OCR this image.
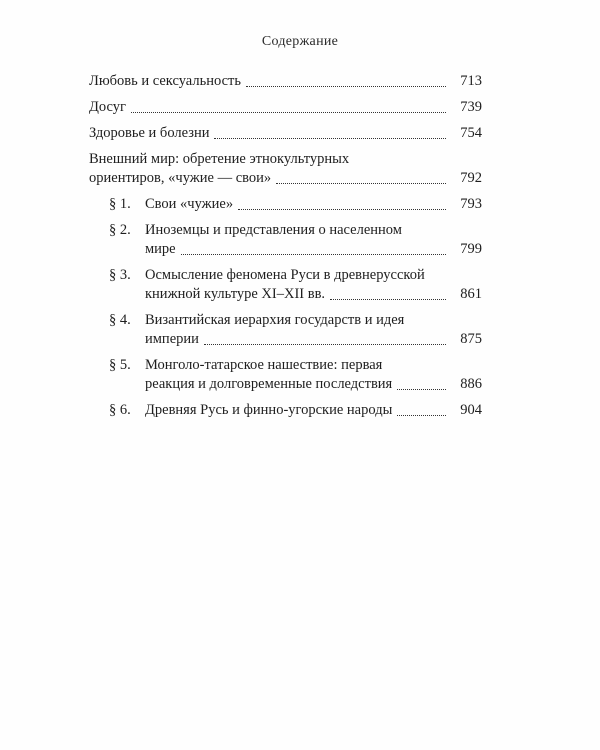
Содержание
Любовь и сексуальность	713
Досуг	739
Здоровье и болезни	754
Внешний мир: обретение этнокультурных
ориентиров, «чужие — свои»	792
§ 1. Свои «чужие»	793
§ 2. Иноземцы и представления о населенном
мире	799
§ 3. Осмысление феномена Руси в древнерусской
книжной культуре XI–XII вв.	861
§ 4. Византийская иерархия государств и идея
империи	875
§ 5. Монголо-татарское нашествие: первая
реакция и долговременные последствия	886
§ 6. Древняя Русь и финно-угорские народы	904
